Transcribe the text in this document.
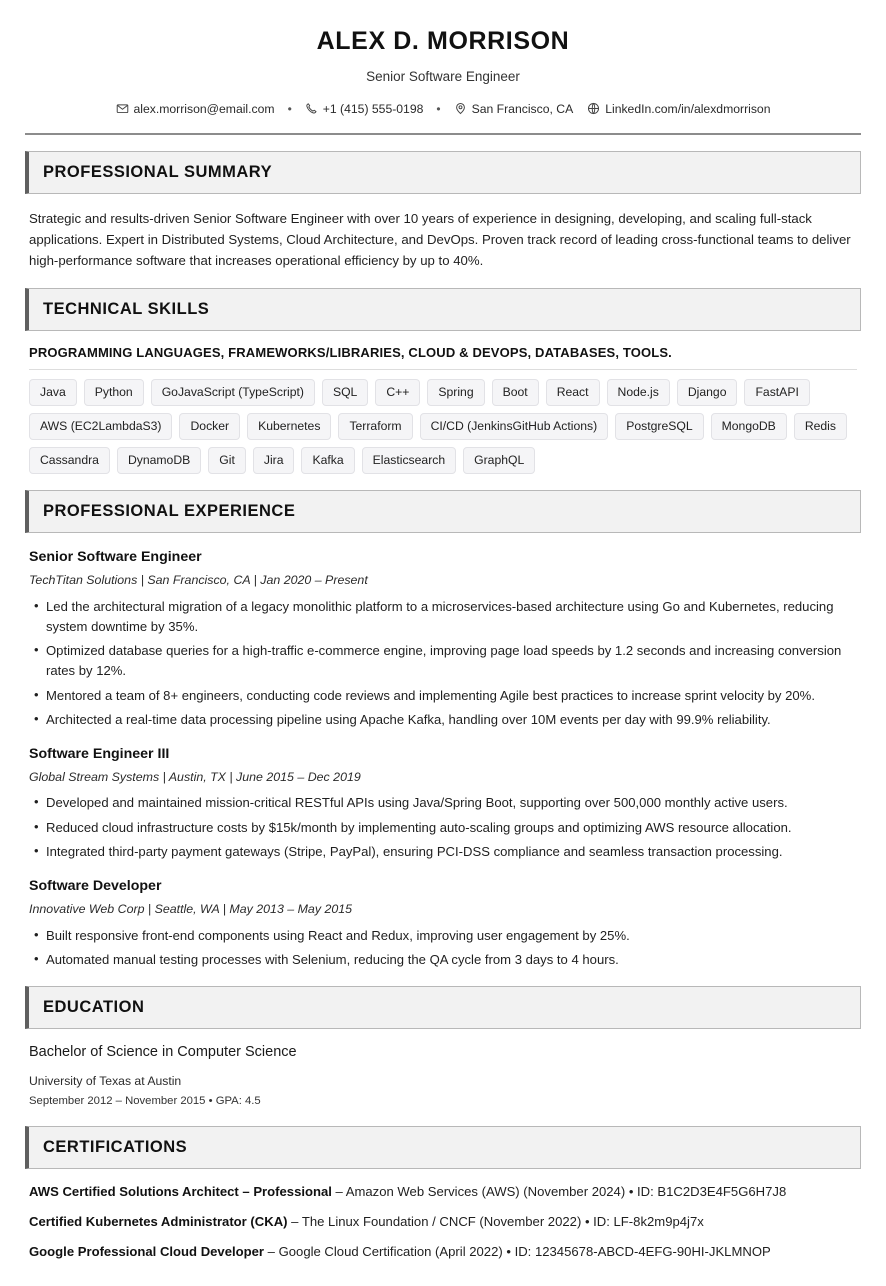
ALEX D. MORRISON
Senior Software Engineer
alex.morrison@email.com	•	+1 (415) 555-0198	•	San Francisco, CA	LinkedIn.com/in/alexdmorrison
PROFESSIONAL SUMMARY

Strategic and results-driven Senior Software Engineer with over 10 years of experience in designing, developing, and scaling full-stack applications. Expert in Distributed Systems, Cloud Architecture, and DevOps. Proven track record of leading cross-functional teams to deliver high-performance software that increases operational efficiency by up to 40%.

TECHNICAL SKILLS
PROGRAMMING LANGUAGES, FRAMEWORKS/LIBRARIES, CLOUD & DEVOPS, DATABASES, TOOLS.
Java	Python	GoJavaScript (TypeScript)	SQL	C++	Spring	Boot	React	Node.js	Django	FastAPI
AWS (EC2LambdaS3)	Docker	Kubernetes	Terraform	CI/CD (JenkinsGitHub Actions)	PostgreSQL	MongoDB	Redis
Cassandra	DynamoDB	Git	Jira	Kafka	Elasticsearch	GraphQL
PROFESSIONAL EXPERIENCE
Senior Software Engineer
TechTitan Solutions | San Francisco, CA | Jan 2020 – Present
• Led the architectural migration of a legacy monolithic platform to a microservices-based architecture using Go and Kubernetes, reducing system downtime by 35%.
• Optimized database queries for a high-traffic e-commerce engine, improving page load speeds by 1.2 seconds and increasing conversion rates by 12%.
• Mentored a team of 8+ engineers, conducting code reviews and implementing Agile best practices to increase sprint velocity by 20%.
• Architected a real-time data processing pipeline using Apache Kafka, handling over 10M events per day with 99.9% reliability.
Software Engineer III
Global Stream Systems | Austin, TX | June 2015 – Dec 2019
• Developed and maintained mission-critical RESTful APIs using Java/Spring Boot, supporting over 500,000 monthly active users.
• Reduced cloud infrastructure costs by $15k/month by implementing auto-scaling groups and optimizing AWS resource allocation.
• Integrated third-party payment gateways (Stripe, PayPal), ensuring PCI-DSS compliance and seamless transaction processing.
Software Developer
Innovative Web Corp | Seattle, WA | May 2013 – May 2015
• Built responsive front-end components using React and Redux, improving user engagement by 25%.
• Automated manual testing processes with Selenium, reducing the QA cycle from 3 days to 4 hours.
EDUCATION
Bachelor of Science in Computer Science
University of Texas at Austin
September 2012 – November 2015 • GPA: 4.5
CERTIFICATIONS
AWS Certified Solutions Architect – Professional – Amazon Web Services (AWS) (November 2024) • ID: B1C2D3E4F5G6H7J8
Certified Kubernetes Administrator (CKA) – The Linux Foundation / CNCF (November 2022) • ID: LF-8k2m9p4j7x
Google Professional Cloud Developer – Google Cloud Certification (April 2022) • ID: 12345678-ABCD-4EFG-90HI-JKLMNOP
